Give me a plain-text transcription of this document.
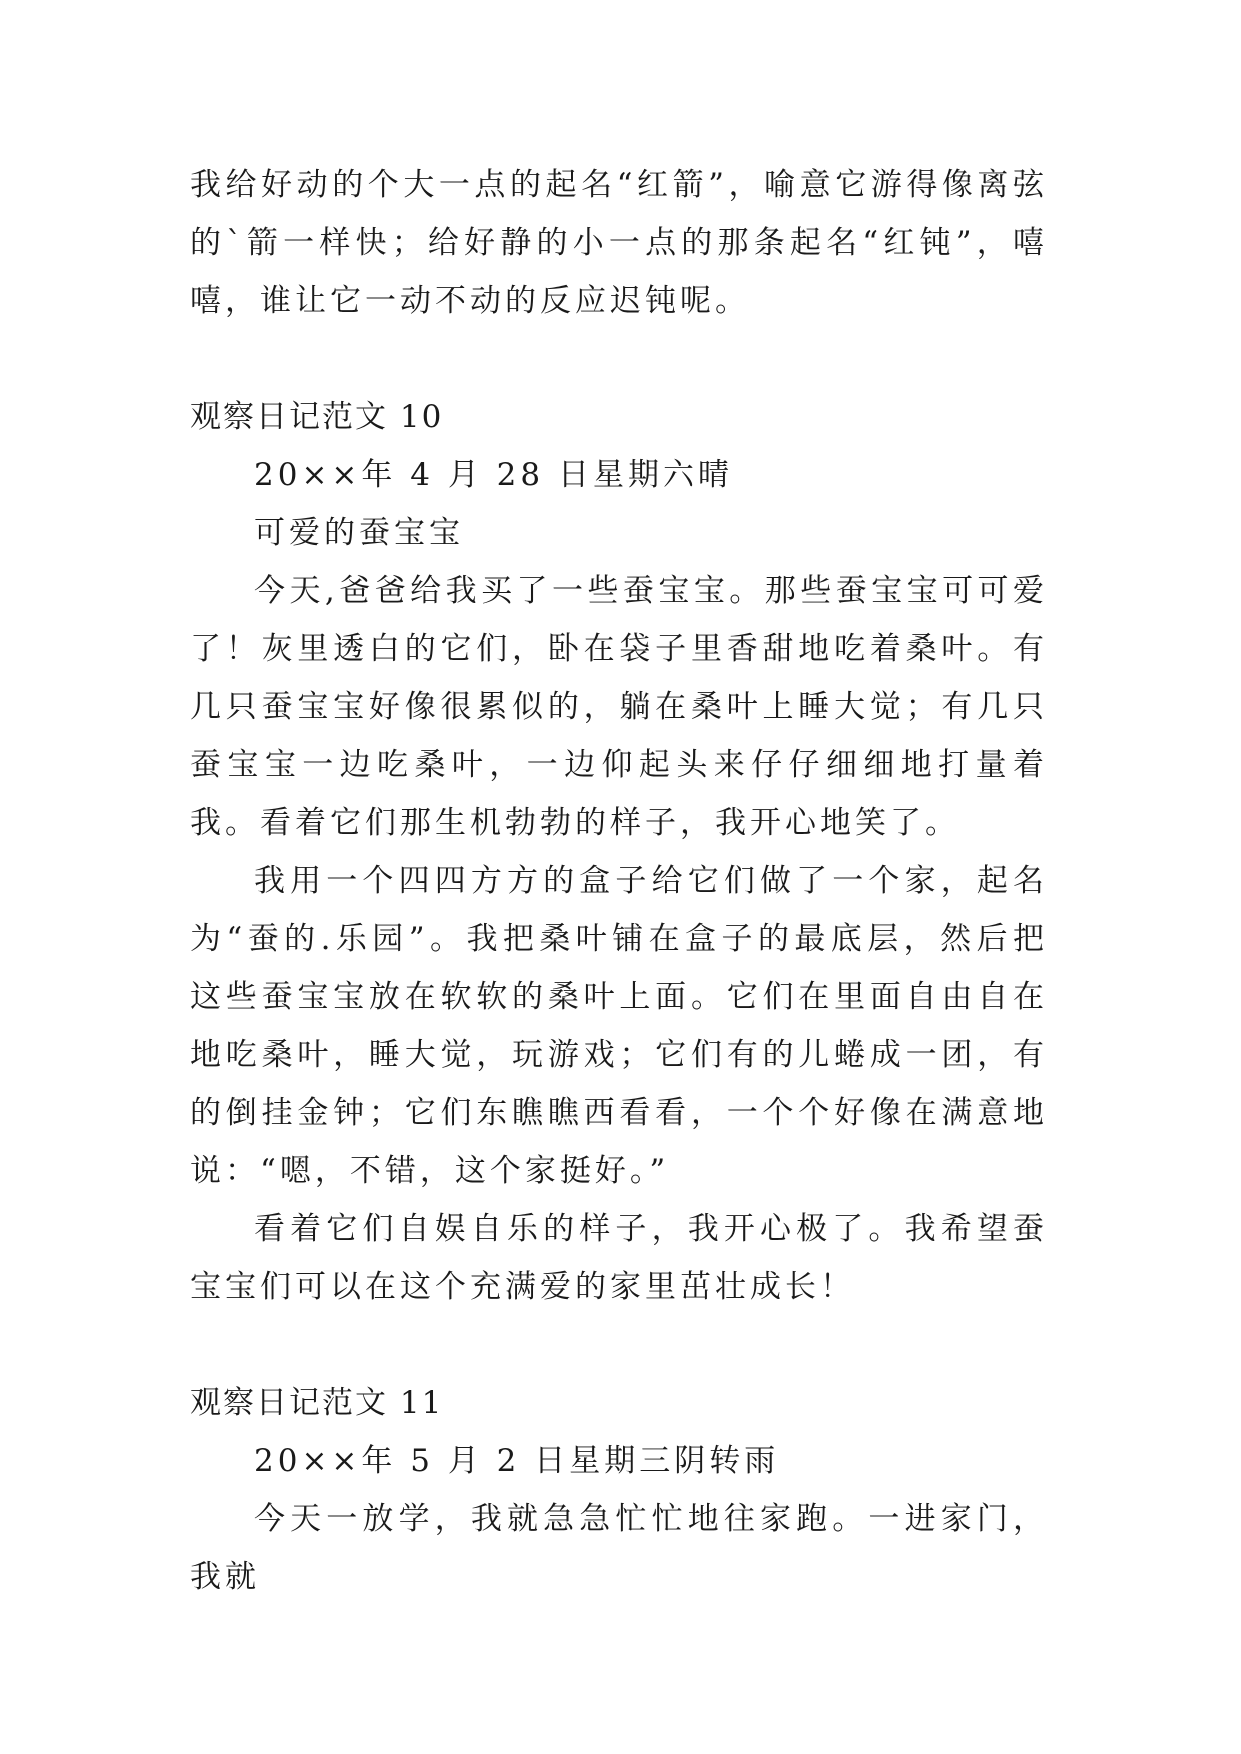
我给好动的个大一点的起名“红箭”，喻意它游得像离弦的`箭一样快；给好静的小一点的那条起名“红钝”，嘻嘻，谁让它一动不动的反应迟钝呢。

观察日记范文 10

20××年 4 月 28 日星期六晴

可爱的蚕宝宝

今天,爸爸给我买了一些蚕宝宝。那些蚕宝宝可可爱了！灰里透白的它们，卧在袋子里香甜地吃着桑叶。有几只蚕宝宝好像很累似的，躺在桑叶上睡大觉；有几只蚕宝宝一边吃桑叶，一边仰起头来仔仔细细地打量着我。看着它们那生机勃勃的样子，我开心地笑了。

我用一个四四方方的盒子给它们做了一个家，起名为“蚕的.乐园”。我把桑叶铺在盒子的最底层，然后把这些蚕宝宝放在软软的桑叶上面。它们在里面自由自在地吃桑叶，睡大觉，玩游戏；它们有的儿蜷成一团，有的倒挂金钟；它们东瞧瞧西看看，一个个好像在满意地说：“嗯，不错，这个家挺好。”

看着它们自娱自乐的样子，我开心极了。我希望蚕宝宝们可以在这个充满爱的家里茁壮成长！

观察日记范文 11

20××年 5 月 2 日星期三阴转雨

今天一放学，我就急急忙忙地往家跑。一进家门，我就
